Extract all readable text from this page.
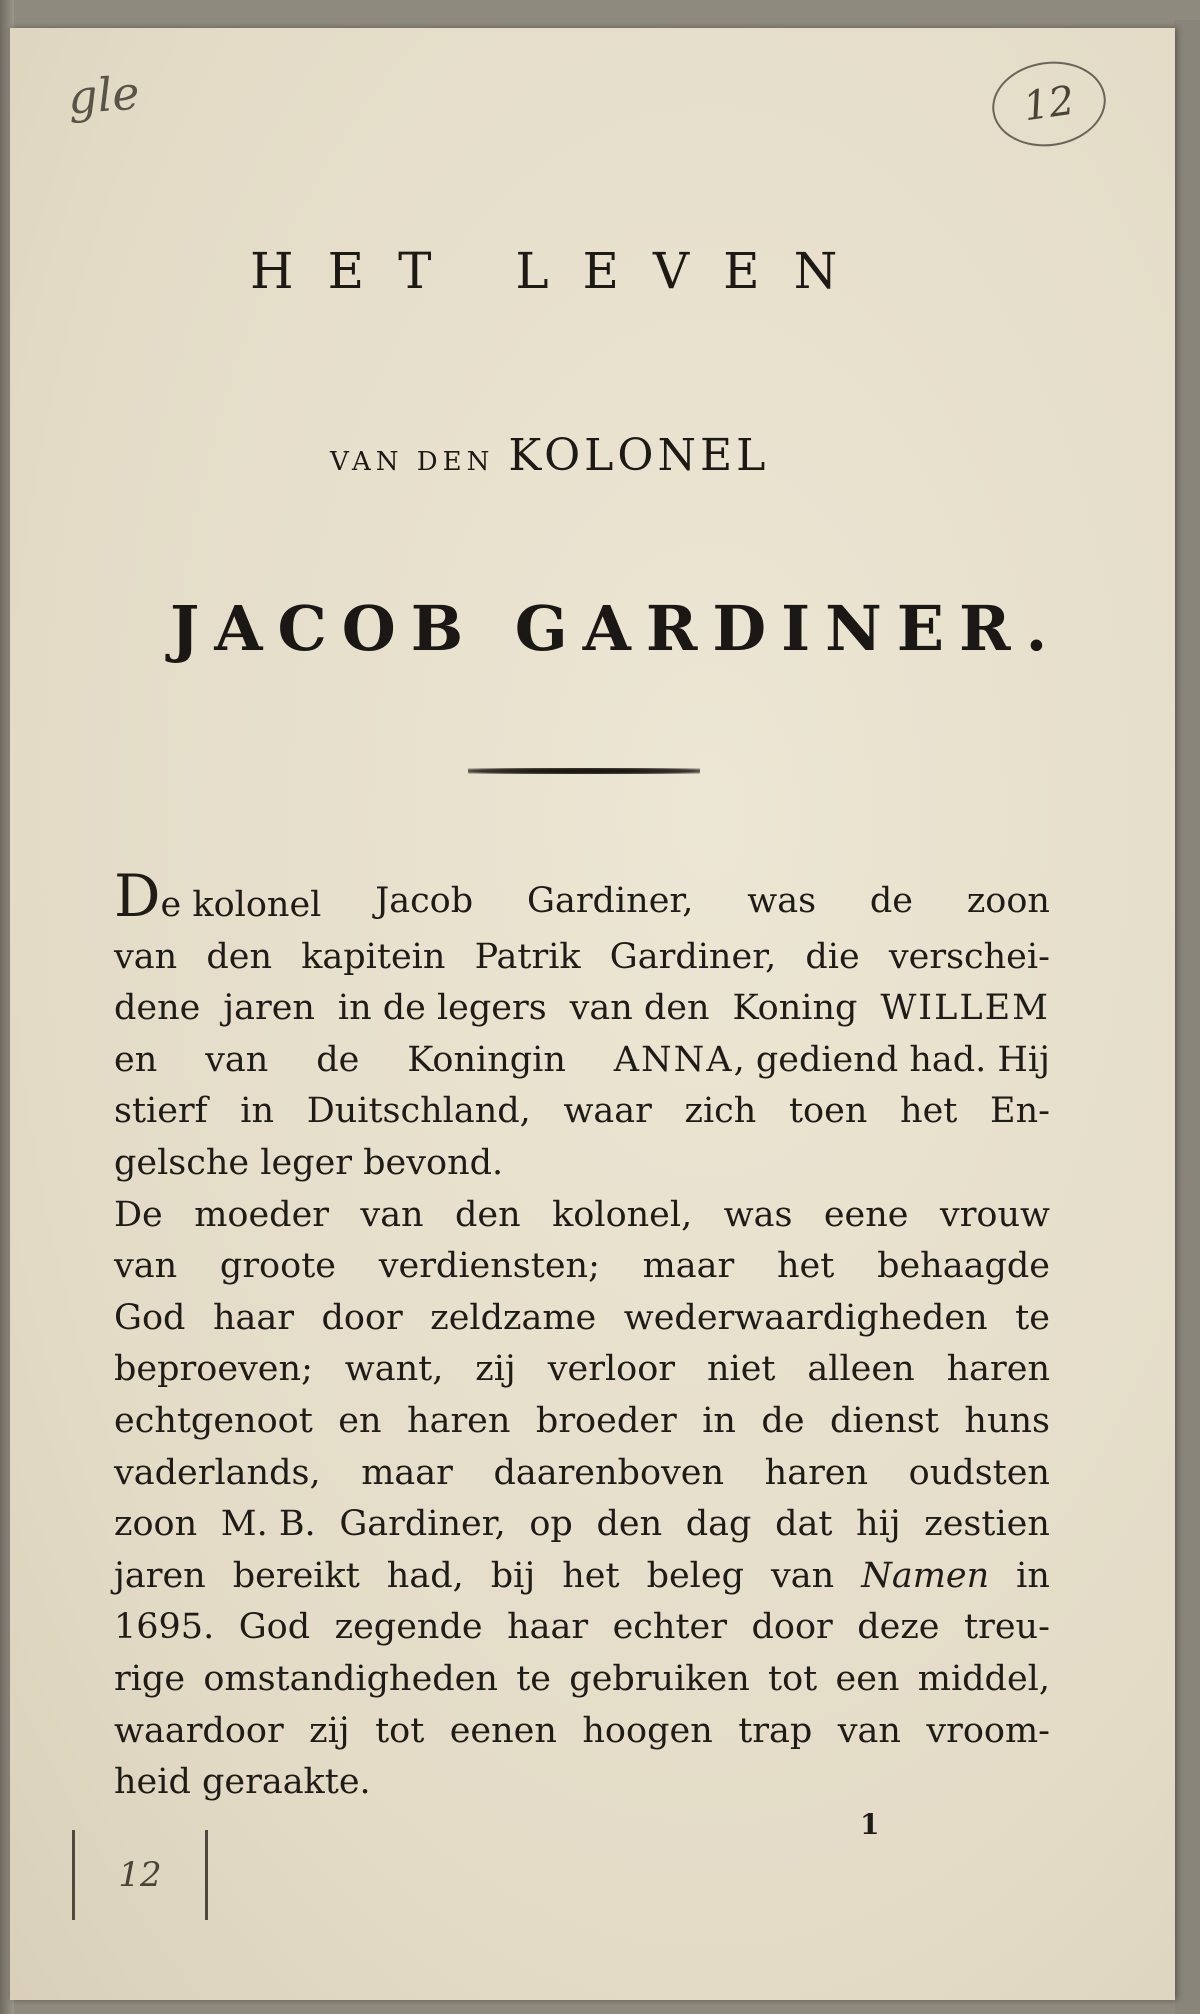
gle	12
HET LEVEN
VAN DEN KOLONEL
JACOB GARDINER.
De kolonel Jacob Gardiner, was de zoon
van den kapitein Patrik Gardiner, die verschei-
dene jaren in de legers van den Koning WILLEM
en van de Koningin ANNA, gediend had. Hij
stierf in Duitschland, waar zich toen het En-
gelsche leger bevond.
De moeder van den kolonel, was eene vrouw
van groote verdiensten; maar het behaagde
God haar door zeldzame wederwaardigheden te
beproeven; want, zij verloor niet alleen haren
echtgenoot en haren broeder in de dienst huns
vaderlands, maar daarenboven haren oudsten
zoon M. B. Gardiner, op den dag dat hij zestien
jaren bereikt had, bij het beleg van Namen in
1695. God zegende haar echter door deze treu-
rige omstandigheden te gebruiken tot een middel,
waardoor zij tot eenen hoogen trap van vroom-
heid geraakte.
1
12
